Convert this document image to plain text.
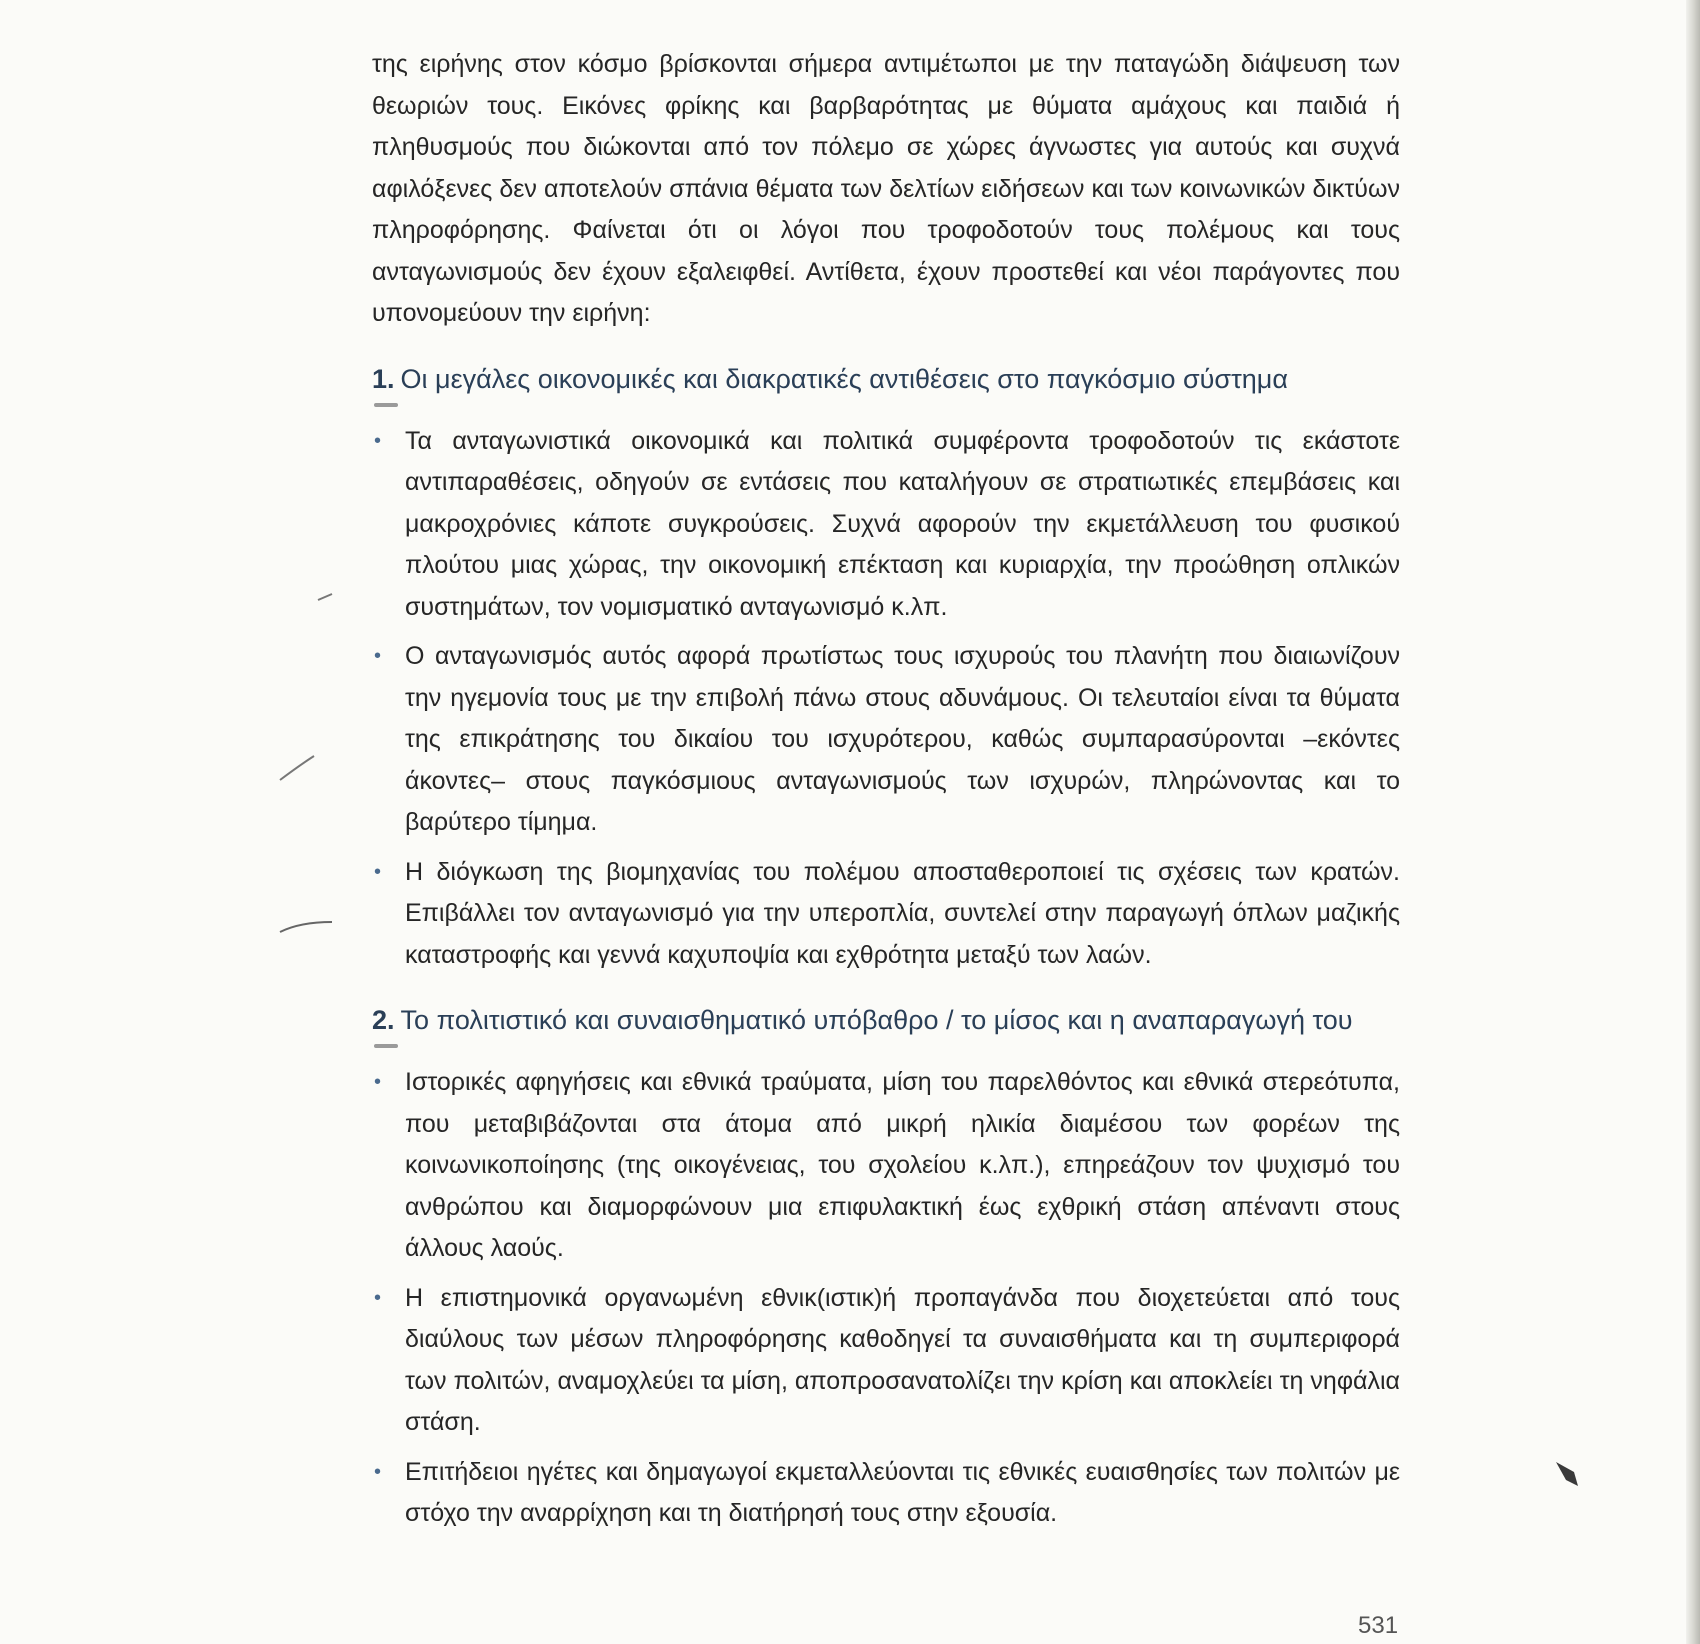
της ειρήνης στον κόσμο βρίσκονται σήμερα αντιμέτωποι με την παταγώδη διάψευση των θεωριών τους. Εικόνες φρίκης και βαρβαρότητας με θύματα αμάχους και παιδιά ή πληθυσμούς που διώκονται από τον πόλεμο σε χώρες άγνωστες για αυτούς και συχνά αφιλόξενες δεν αποτελούν σπάνια θέματα των δελτίων ειδήσεων και των κοινωνικών δικτύων πληροφόρησης. Φαίνεται ότι οι λόγοι που τροφοδοτούν τους πολέμους και τους ανταγωνισμούς δεν έχουν εξαλειφθεί. Αντίθετα, έχουν προστεθεί και νέοι παράγοντες που υπονομεύουν την ειρήνη:

1. Οι μεγάλες οικονομικές και διακρατικές αντιθέσεις στο παγκόσμιο σύστημα
• Τα ανταγωνιστικά οικονομικά και πολιτικά συμφέροντα τροφοδοτούν τις εκάστοτε αντιπαραθέσεις, οδηγούν σε εντάσεις που καταλήγουν σε στρατιωτικές επεμβάσεις και μακροχρόνιες κάποτε συγκρούσεις. Συχνά αφορούν την εκμετάλλευση του φυσικού πλούτου μιας χώρας, την οικονομική επέκταση και κυριαρχία, την προώθηση οπλικών συστημάτων, τον νομισματικό ανταγωνισμό κ.λπ.
• Ο ανταγωνισμός αυτός αφορά πρωτίστως τους ισχυρούς του πλανήτη που διαιωνίζουν την ηγεμονία τους με την επιβολή πάνω στους αδυνάμους. Οι τελευταίοι είναι τα θύματα της επικράτησης του δικαίου του ισχυρότερου, καθώς συμπαρασύρονται –εκόντες άκοντες– στους παγκόσμιους ανταγωνισμούς των ισχυρών, πληρώνοντας και το βαρύτερο τίμημα.
• Η διόγκωση της βιομηχανίας του πολέμου αποσταθεροποιεί τις σχέσεις των κρατών. Επιβάλλει τον ανταγωνισμό για την υπεροπλία, συντελεί στην παραγωγή όπλων μαζικής καταστροφής και γεννά καχυποψία και εχθρότητα μεταξύ των λαών.
2. Το πολιτιστικό και συναισθηματικό υπόβαθρο / το μίσος και η αναπαραγωγή του
• Ιστορικές αφηγήσεις και εθνικά τραύματα, μίση του παρελθόντος και εθνικά στερεότυπα, που μεταβιβάζονται στα άτομα από μικρή ηλικία διαμέσου των φορέων της κοινωνικοποίησης (της οικογένειας, του σχολείου κ.λπ.), επηρεάζουν τον ψυχισμό του ανθρώπου και διαμορφώνουν μια επιφυλακτική έως εχθρική στάση απέναντι στους άλλους λαούς.
• Η επιστημονικά οργανωμένη εθνικ(ιστικ)ή προπαγάνδα που διοχετεύεται από τους διαύλους των μέσων πληροφόρησης καθοδηγεί τα συναισθήματα και τη συμπεριφορά των πολιτών, αναμοχλεύει τα μίση, αποπροσανατολίζει την κρίση και αποκλείει τη νηφάλια στάση.
• Επιτήδειοι ηγέτες και δημαγωγοί εκμεταλλεύονται τις εθνικές ευαισθησίες των πολιτών με στόχο την αναρρίχηση και τη διατήρησή τους στην εξουσία.
531
